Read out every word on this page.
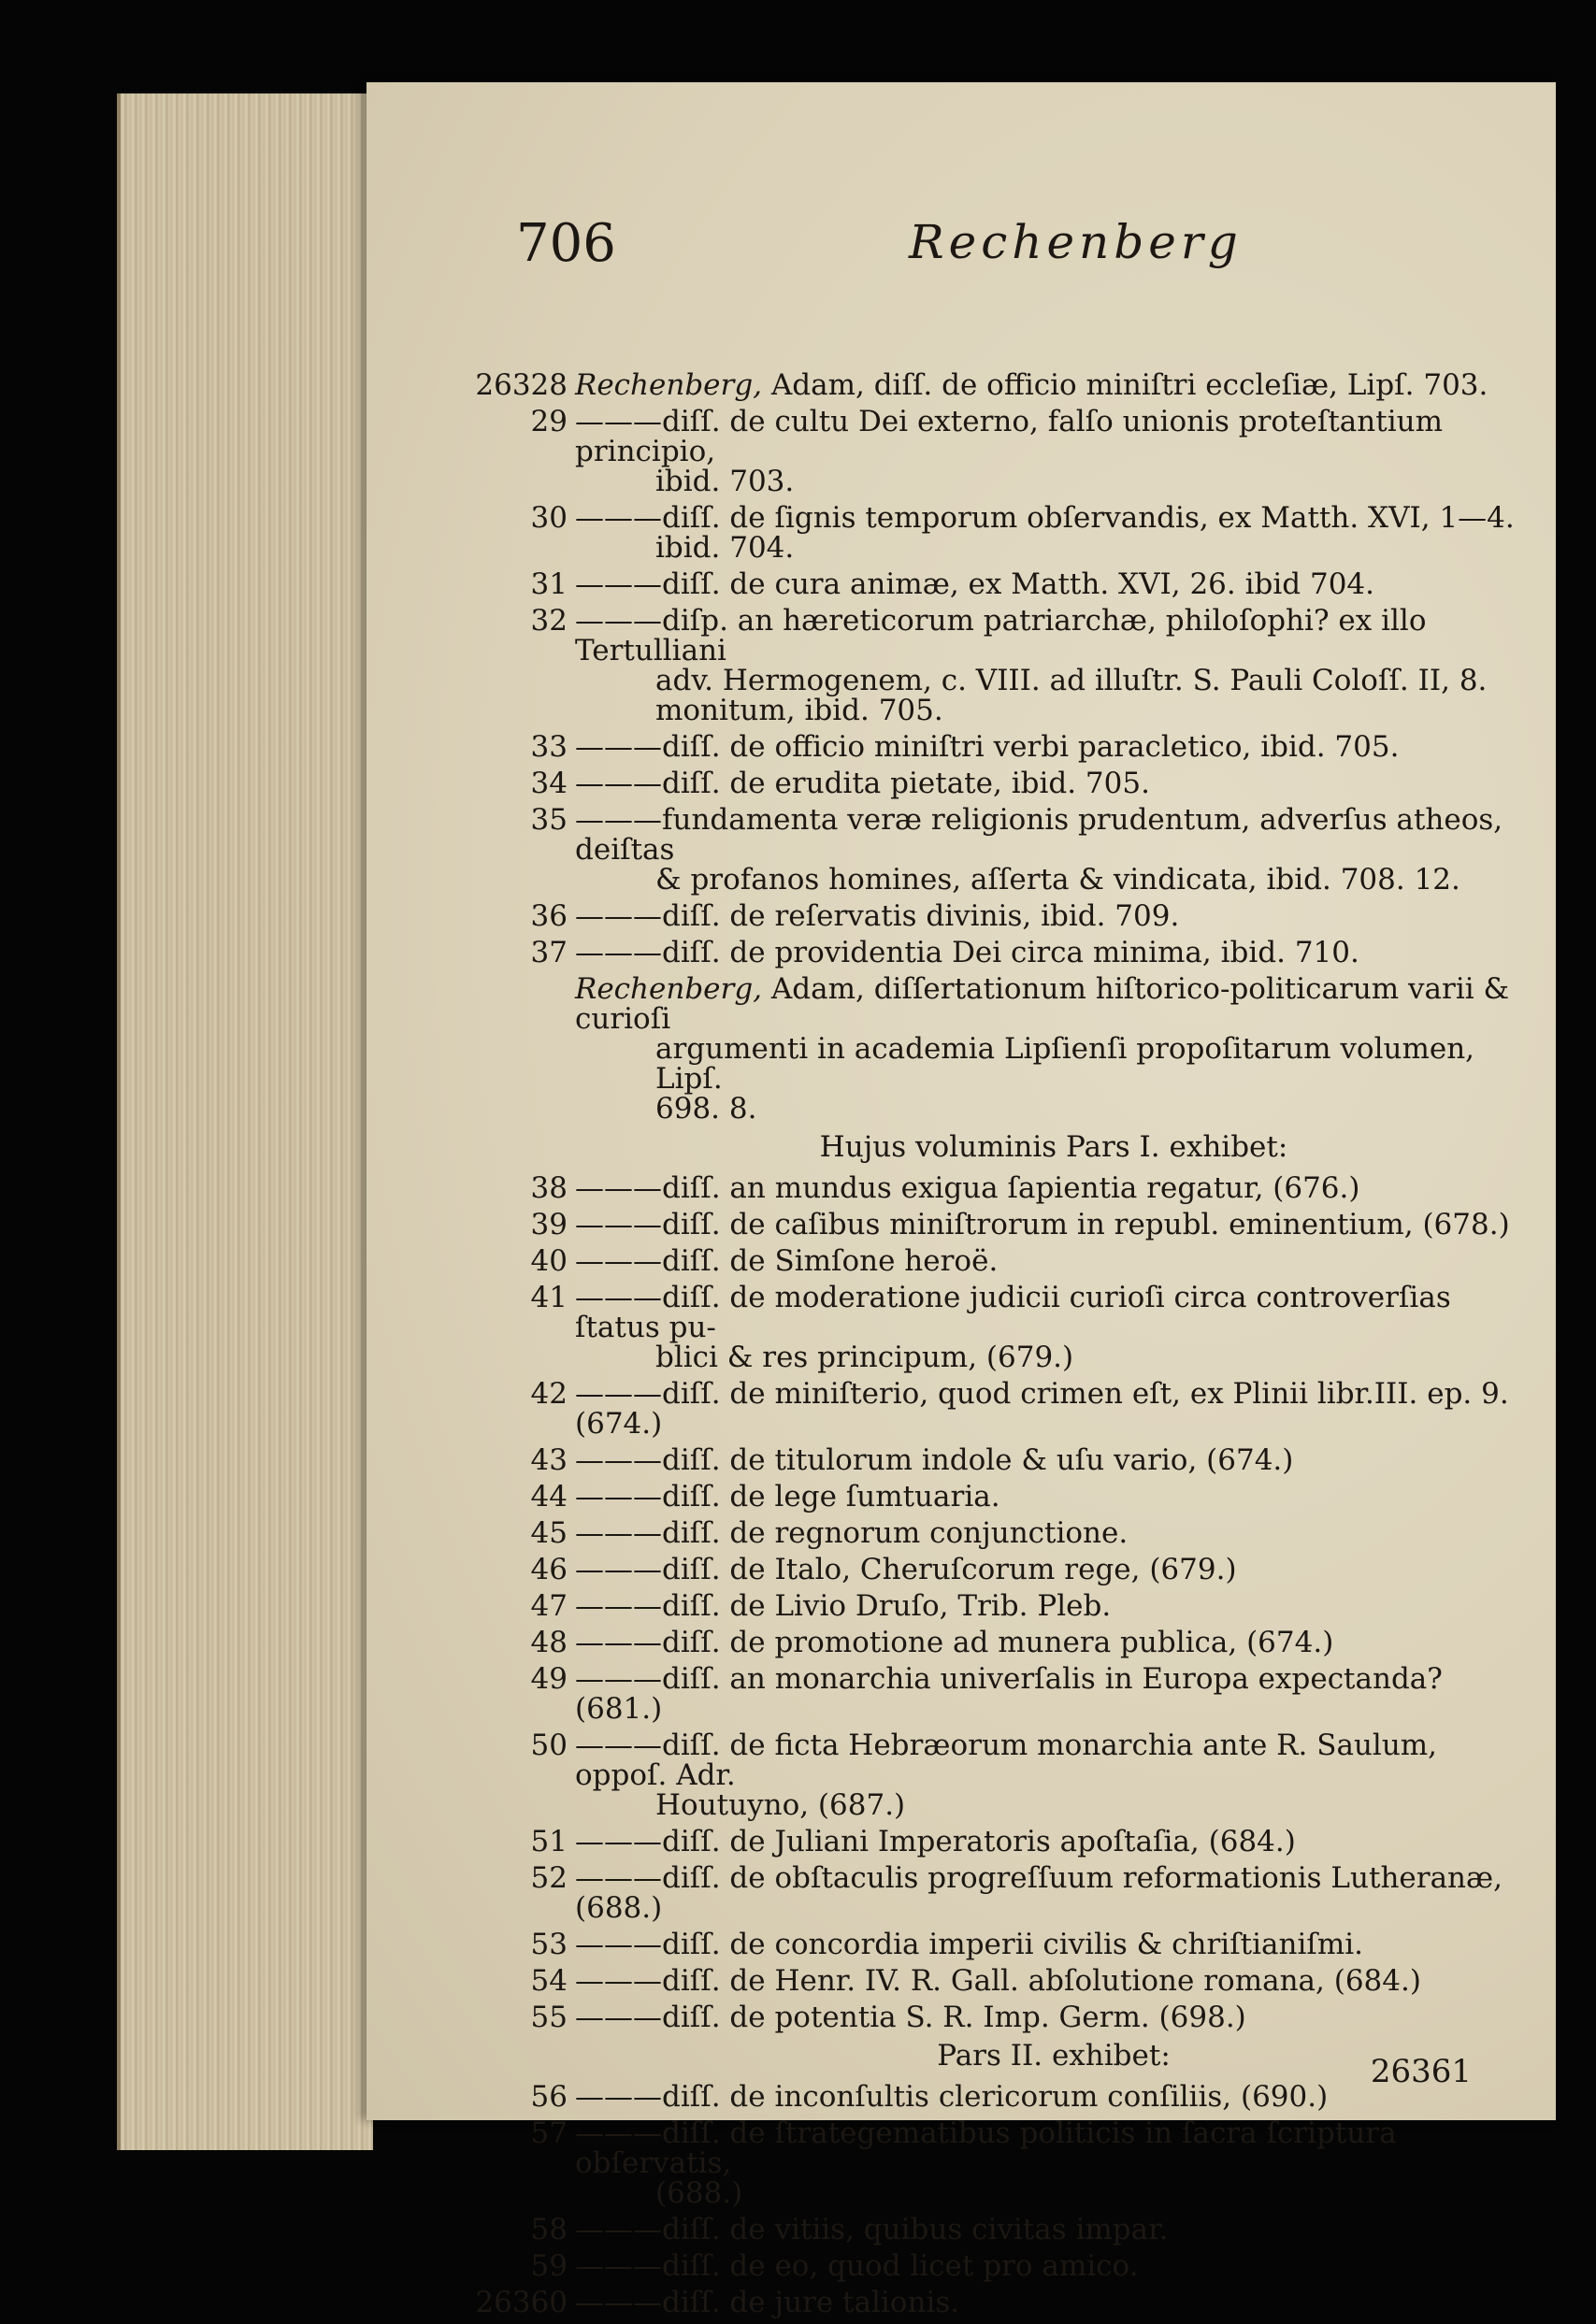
706	Rechenberg
26328 Rechenberg, Adam, diſſ. de officio miniſtri eccleſiæ, Lipſ. 703.
29 ———diſſ. de cultu Dei externo, falſo unionis proteſtantium principio,
ibid. 703.
30 ———diſſ. de ſignis temporum obſervandis, ex Matth. XVI, 1—4.
ibid. 704.
31 ———diſſ. de cura animæ, ex Matth. XVI, 26. ibid 704.
32 ———diſp. an hæreticorum patriarchæ, philoſophi? ex illo Tertulliani
adv. Hermogenem, c. VIII. ad illuſtr. S. Pauli Coloſſ. II, 8.
monitum, ibid. 705.
33 ———diſſ. de officio miniſtri verbi paracletico, ibid. 705.
34 ———diſſ. de erudita pietate, ibid. 705.
35 ———fundamenta veræ religionis prudentum, adverſus atheos, deiſtas
& profanos homines, aſſerta & vindicata, ibid. 708. 12.
36 ———diſſ. de reſervatis divinis, ibid. 709.
37 ———diſſ. de providentia Dei circa minima, ibid. 710.
Rechenberg, Adam, diſſertationum hiſtorico-politicarum varii & curioſi
argumenti in academia Lipſienſi propoſitarum volumen, Lipſ.
698. 8.
Hujus voluminis Pars I. exhibet:
38 ———diſſ. an mundus exigua ſapientia regatur, (676.)
39 ———diſſ. de caſibus miniſtrorum in republ. eminentium, (678.)
40 ———diſſ. de Simſone heroë.
41 ———diſſ. de moderatione judicii curioſi circa controverſias ſtatus pu-
blici & res principum, (679.)
42 ———diſſ. de miniſterio, quod crimen eſt, ex Plinii libr.III. ep. 9. (674.)
43 ———diſſ. de titulorum indole & uſu vario, (674.)
44 ———diſſ. de lege ſumtuaria.
45 ———diſſ. de regnorum conjunctione.
46 ———diſſ. de Italo, Cheruſcorum rege, (679.)
47 ———diſſ. de Livio Druſo, Trib. Pleb.
48 ———diſſ. de promotione ad munera publica, (674.)
49 ———diſſ. an monarchia univerſalis in Europa expectanda? (681.)
50 ———diſſ. de ficta Hebræorum monarchia ante R. Saulum, oppoſ. Adr.
Houtuyno, (687.)
51 ———diſſ. de Juliani Imperatoris apoſtaſia, (684.)
52 ———diſſ. de obſtaculis progreſſuum reformationis Lutheranæ, (688.)
53 ———diſſ. de concordia imperii civilis & chriſtianiſmi.
54 ———diſſ. de Henr. IV. R. Gall. abſolutione romana, (684.)
55 ———diſſ. de potentia S. R. Imp. Germ. (698.)
Pars II. exhibet:
56 ———diſſ. de inconſultis clericorum conſiliis, (690.)
57 ———diſſ. de ſtrategematibus politicis in ſacra ſcriptura obſervatis,
(688.)
58 ———diſſ. de vitiis, quibus civitas impar.
59 ———diſſ. de eo, quod licet pro amico.
26360 ———diſſ. de jure talionis.
26361
